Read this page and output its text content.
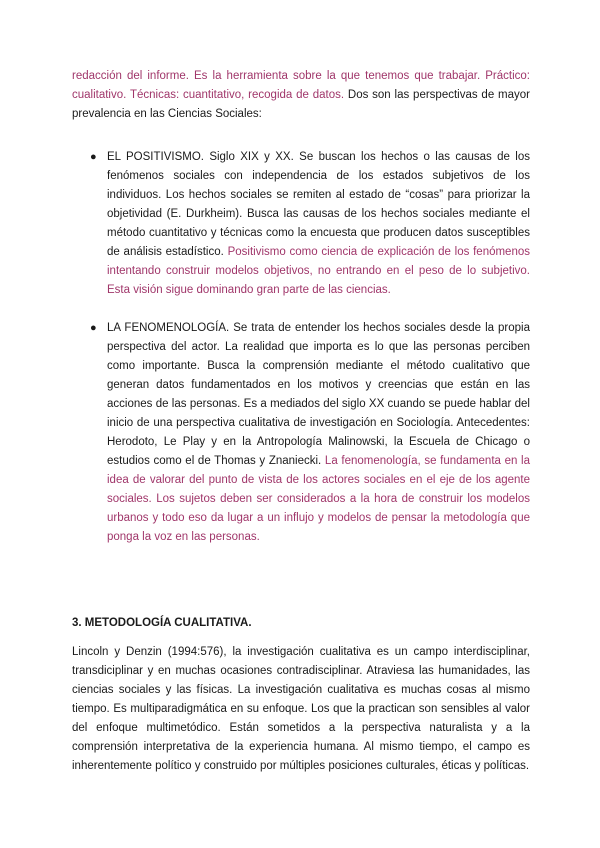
redacción del informe. Es la herramienta sobre la que tenemos que trabajar. Práctico: cualitativo. Técnicas: cuantitativo, recogida de datos. Dos son las perspectivas de mayor prevalencia en las Ciencias Sociales:

● EL POSITIVISMO. Siglo XIX y XX. Se buscan los hechos o las causas de los fenómenos sociales con independencia de los estados subjetivos de los individuos. Los hechos sociales se remiten al estado de “cosas” para priorizar la objetividad (E. Durkheim). Busca las causas de los hechos sociales mediante el método cuantitativo y técnicas como la encuesta que producen datos susceptibles de análisis estadístico. Positivismo como ciencia de explicación de los fenómenos intentando construir modelos objetivos, no entrando en el peso de lo subjetivo. Esta visión sigue dominando gran parte de las ciencias.

● LA FENOMENOLOGÍA. Se trata de entender los hechos sociales desde la propia perspectiva del actor. La realidad que importa es lo que las personas perciben como importante. Busca la comprensión mediante el método cualitativo que generan datos fundamentados en los motivos y creencias que están en las acciones de las personas. Es a mediados del siglo XX cuando se puede hablar del inicio de una perspectiva cualitativa de investigación en Sociología. Antecedentes: Herodoto, Le Play y en la Antropología Malinowski, la Escuela de Chicago o estudios como el de Thomas y Znaniecki. La fenomenología, se fundamenta en la idea de valorar del punto de vista de los actores sociales en el eje de los agente sociales. Los sujetos deben ser considerados a la hora de construir los modelos urbanos y todo eso da lugar a un influjo y modelos de pensar la metodología que ponga la voz en las personas.

3. METODOLOGÍA CUALITATIVA.

Lincoln y Denzin (1994:576), la investigación cualitativa es un campo interdisciplinar, transdiciplinar y en muchas ocasiones contradisciplinar. Atraviesa las humanidades, las ciencias sociales y las físicas. La investigación cualitativa es muchas cosas al mismo tiempo. Es multiparadigmática en su enfoque. Los que la practican son sensibles al valor del enfoque multimetódico. Están sometidos a la perspectiva naturalista y a la comprensión interpretativa de la experiencia humana. Al mismo tiempo, el campo es inherentemente político y construido por múltiples posiciones culturales, éticas y políticas.
